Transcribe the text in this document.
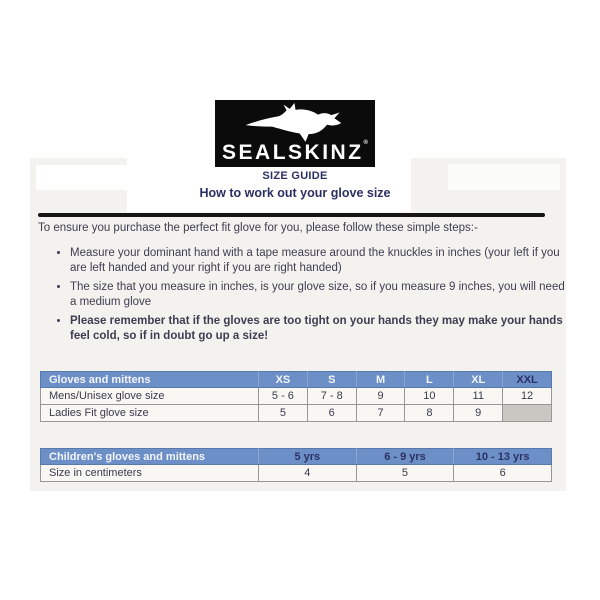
SEALSKINZ®
SIZE GUIDE
How to work out your glove size

To ensure you purchase the perfect fit glove for you, please follow these simple steps:-

• Measure your dominant hand with a tape measure around the knuckles in inches (your left if you are left handed and your right if you are right handed)
• The size that you measure in inches, is your glove size, so if you measure 9 inches, you will need a medium glove
• Please remember that if the gloves are too tight on your hands they may make your hands feel cold, so if in doubt go up a size!
Gloves and mittens	XS	S	M	L	XL	XXL
Mens/Unisex glove size	5 - 6	7 - 8	9	10	11	12
Ladies Fit glove size	5	6	7	8	9	
Children's gloves and mittens	5 yrs	6 - 9 yrs	10 - 13 yrs
Size in centimeters	4	5	6
